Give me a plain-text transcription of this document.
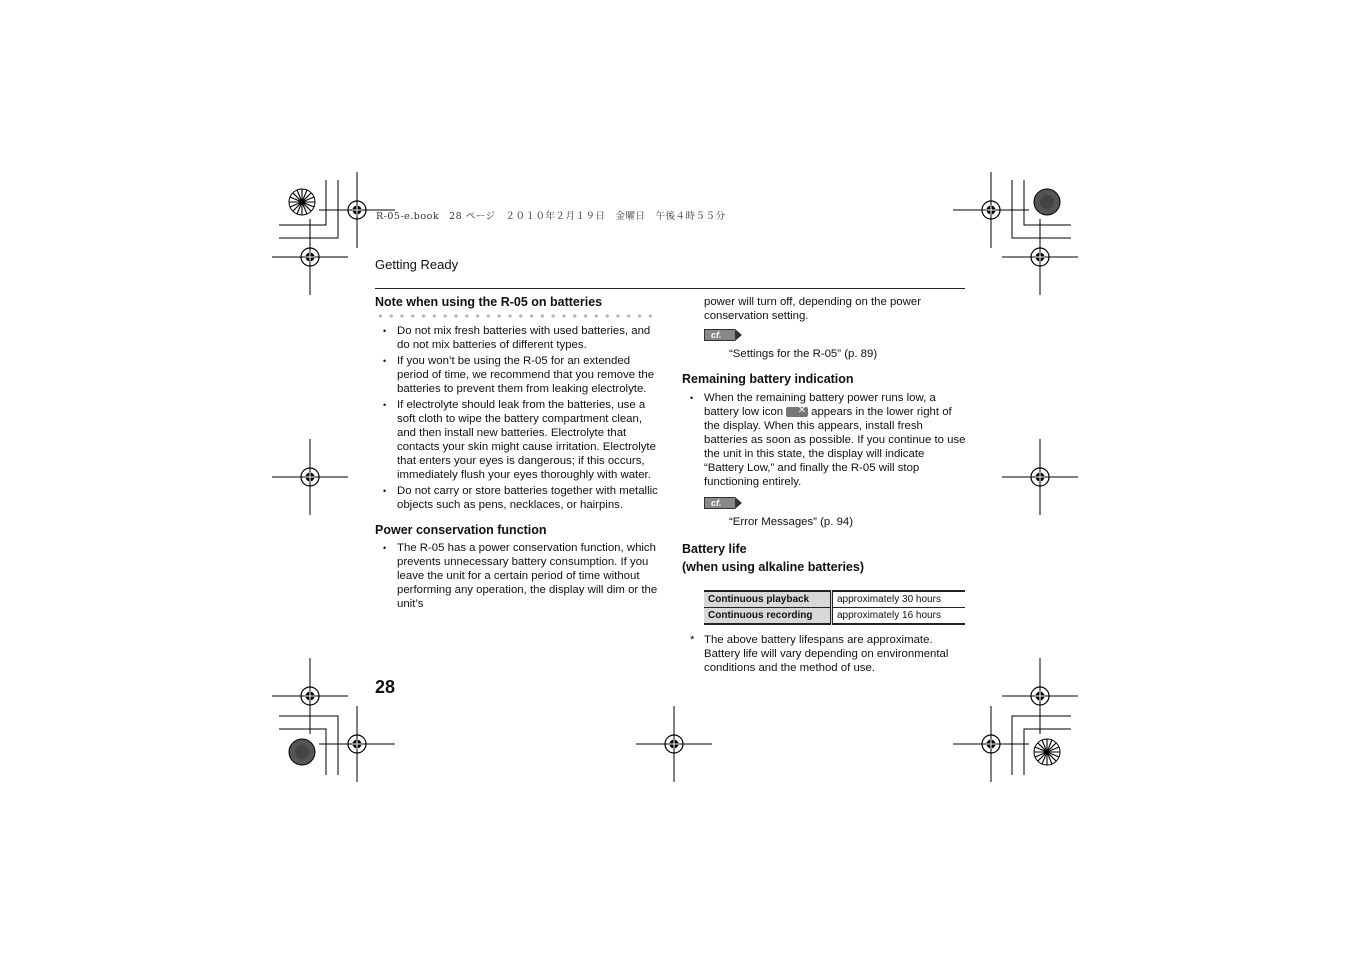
R-05-e.book　28 ページ　２０１０年２月１９日　金曜日　午後４時５５分
Getting Ready
Note when using the R-05 on batteries
• Do not mix fresh batteries with used batteries, and do not mix batteries of different types.
• If you won’t be using the R-05 for an extended period of time, we recommend that you remove the batteries to prevent them from leaking electrolyte.
• If electrolyte should leak from the batteries, use a soft cloth to wipe the battery compartment clean, and then install new batteries. Electrolyte that contacts your skin might cause irritation. Electrolyte that enters your eyes is dangerous; if this occurs, immediately flush your eyes thoroughly with water.
• Do not carry or store batteries together with metallic objects such as pens, necklaces, or hairpins.
Power conservation function
• The R-05 has a power conservation function, which prevents unnecessary battery consumption. If you leave the unit for a certain period of time without performing any operation, the display will dim or the unit’s
power will turn off, depending on the power conservation setting.
cf.
“Settings for the R-05” (p. 89)
Remaining battery indication
• When the remaining battery power runs low, a battery low icon ✕ appears in the lower right of the display. When this appears, install fresh batteries as soon as possible. If you continue to use the unit in this state, the display will indicate “Battery Low,” and finally the R-05 will stop functioning entirely.
cf.
“Error Messages” (p. 94)
Battery life
(when using alkaline batteries)
Continuous playback	approximately 30 hours
Continuous recording	approximately 16 hours
* The above battery lifespans are approximate. Battery life will vary depending on environmental conditions and the method of use.
28
